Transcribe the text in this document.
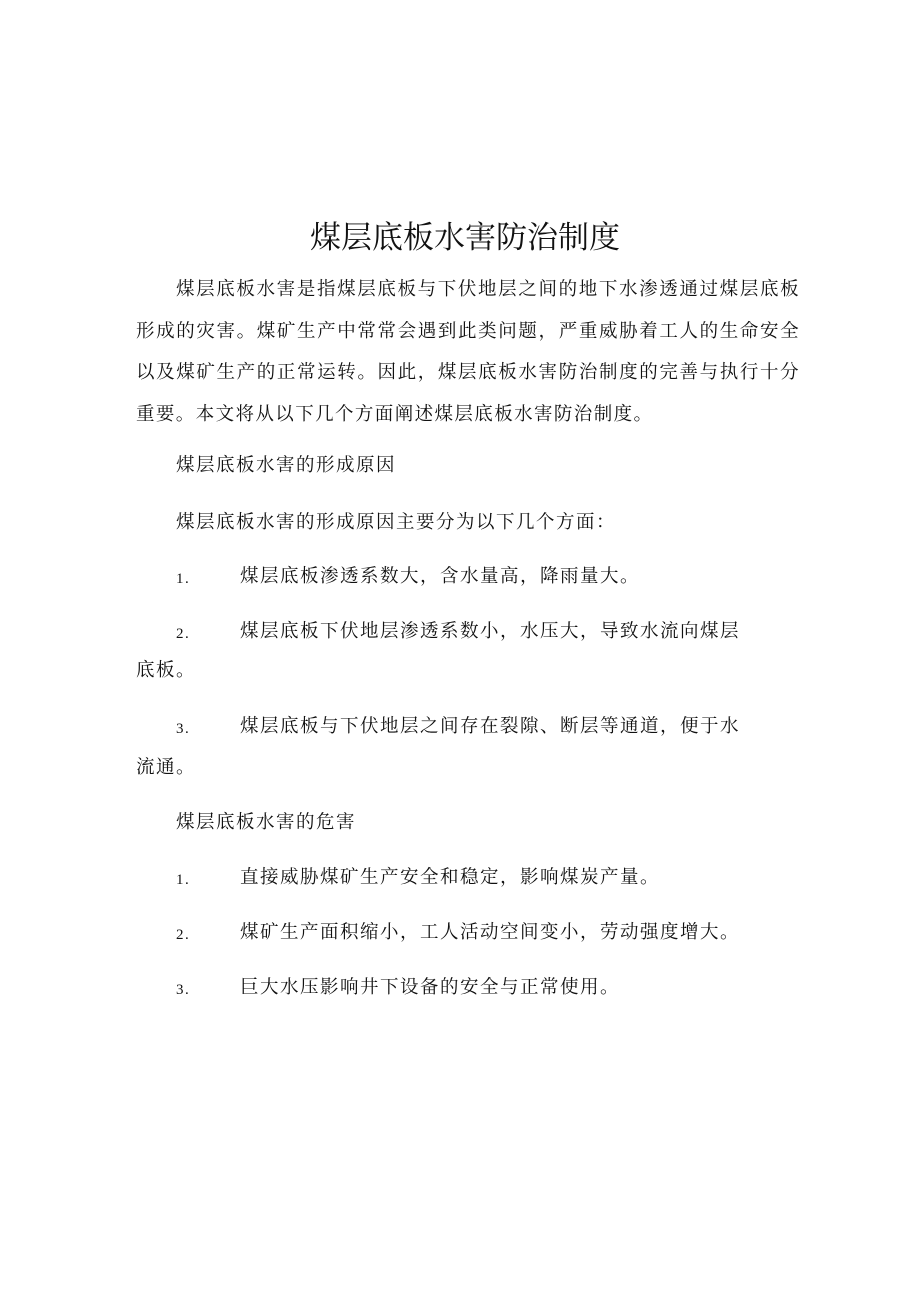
煤层底板水害防治制度

煤层底板水害是指煤层底板与下伏地层之间的地下水渗透通过煤层底板形成的灾害。煤矿生产中常常会遇到此类问题，严重威胁着工人的生命安全以及煤矿生产的正常运转。因此，煤层底板水害防治制度的完善与执行十分重要。本文将从以下几个方面阐述煤层底板水害防治制度。

煤层底板水害的形成原因

煤层底板水害的形成原因主要分为以下几个方面：

1.	煤层底板渗透系数大，含水量高，降雨量大。
2.	煤层底板下伏地层渗透系数小，水压大，导致水流向煤层
底板。
3.	煤层底板与下伏地层之间存在裂隙、断层等通道，便于水
流通。

煤层底板水害的危害

1.	直接威胁煤矿生产安全和稳定，影响煤炭产量。
2.	煤矿生产面积缩小，工人活动空间变小，劳动强度增大。
3.	巨大水压影响井下设备的安全与正常使用。
